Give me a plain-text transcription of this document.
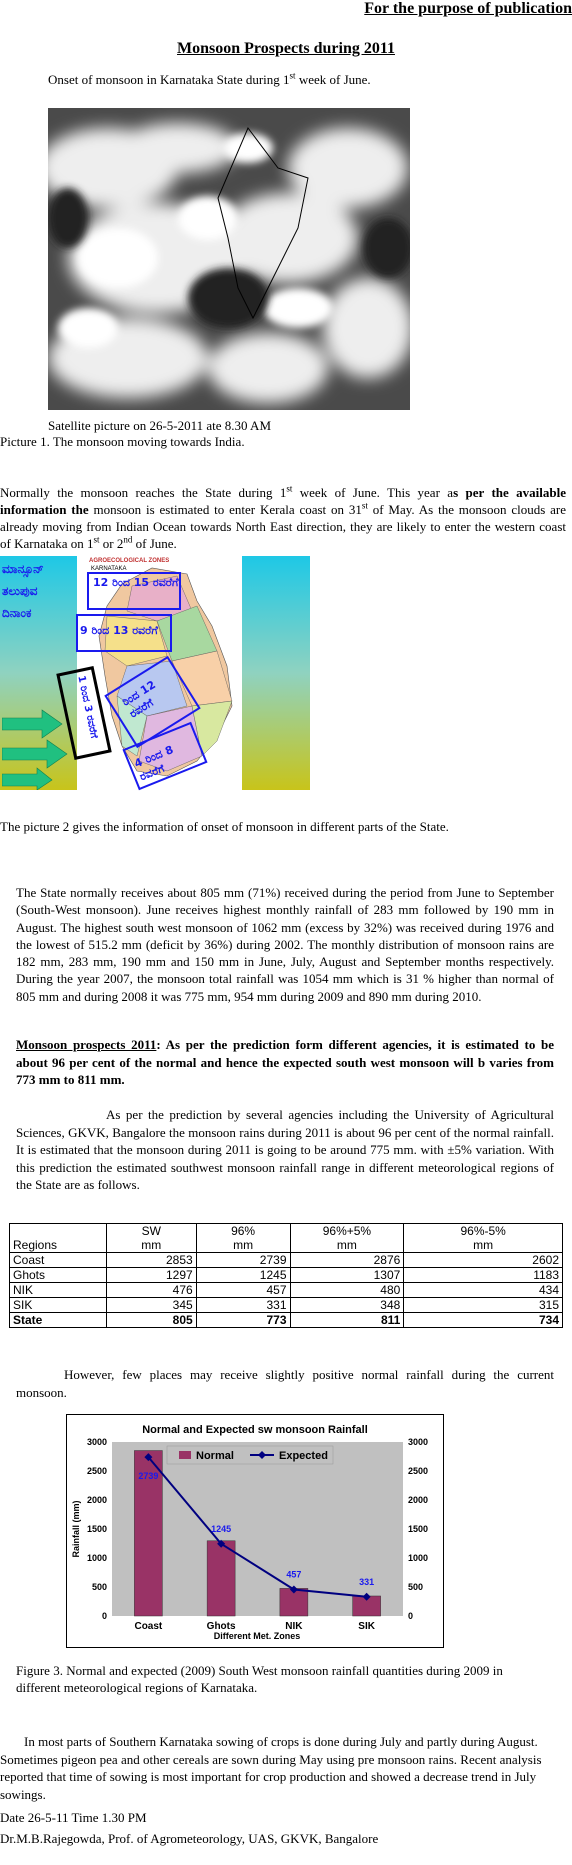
For the purpose of publication
Monsoon Prospects during 2011
Onset of monsoon in Karnataka State during 1st week of June.
Satellite picture on 26-5-2011 ate 8.30 AM
Picture 1. The monsoon moving towards India.
Normally the monsoon reaches the State during 1st week of June. This year as per the available information the monsoon is estimated to enter Kerala coast on 31st of May. As the monsoon clouds are already moving from Indian Ocean towards North East direction, they are likely to enter the western coast of Karnataka on 1st or 2nd of June.
ಮಾನ್ಸೂನ್
ತಲುಪುವ
ದಿನಾಂಕ
AGROECOLOGICAL ZONES
KARNATAKA
12 ರಿಂದ 15 ರವರೆಗೆ
9 ರಿಂದ 13 ರವರೆಗೆ
ರಿಂದ 12 ರವರೆಗೆ
4 ರಿಂದ 8 ರವರೆಗೆ
1 ರಿಂದ 3 ರವರೆಗೆ
The picture 2 gives the information of onset of monsoon in different parts of the State.
The State normally receives about 805 mm (71%) received during the period from June to September (South-West monsoon). June receives highest monthly rainfall of 283 mm followed by 190 mm in August. The highest south west monsoon of 1062 mm (excess by 32%) was received during 1976 and the lowest of 515.2 mm (deficit by 36%) during 2002. The monthly distribution of monsoon rains are 182 mm, 283 mm, 190 mm and 150 mm in June, July, August and September months respectively. During the year 2007, the monsoon total rainfall was 1054 mm which is 31 % higher than normal of 805 mm and during 2008 it was 775 mm, 954 mm during 2009 and 890 mm during 2010.
Monsoon prospects 2011: As per the prediction form different agencies, it is estimated to be about 96 per cent of the normal and hence the expected south west monsoon will b varies from 773 mm to 811 mm.
As per the prediction by several agencies including the University of Agricultural Sciences, GKVK, Bangalore the monsoon rains during 2011 is about 96 per cent of the normal rainfall. It is estimated that the monsoon during 2011 is going to be around 775 mm. with ±5% variation. With this prediction the estimated southwest monsoon rainfall range in different meteorological regions of the State are as follows.
	SW	96%	96%+5%	96%-5%
Regions	mm	mm	mm	mm
Coast	2853	2739	2876	2602
Ghots	1297	1245	1307	1183
NIK	476	457	480	434
SIK	345	331	348	315
State	805	773	811	734
However, few places may receive slightly positive normal rainfall during the current monsoon.
Normal and Expected sw monsoon Rainfall
Different Met. Zones
Rainfall (mm)
Normal	Expected
0	0
500	500
1000	1000
1500	1500
2000	2000
2500	2500
3000	3000
Coast	Ghots	NIK	SIK
2739
1245
457
331
Figure 3. Normal and expected (2009) South West monsoon rainfall quantities during 2009 in different meteorological regions of Karnataka.
In most parts of Southern Karnataka sowing of crops is done during July and partly during August. Sometimes pigeon pea and other cereals are sown during May using pre monsoon rains. Recent analysis reported that time of sowing is most important for crop production and showed a decrease trend in July sowings.
Date 26-5-11 Time 1.30 PM
Dr.M.B.Rajegowda, Prof. of Agrometeorology, UAS, GKVK, Bangalore
